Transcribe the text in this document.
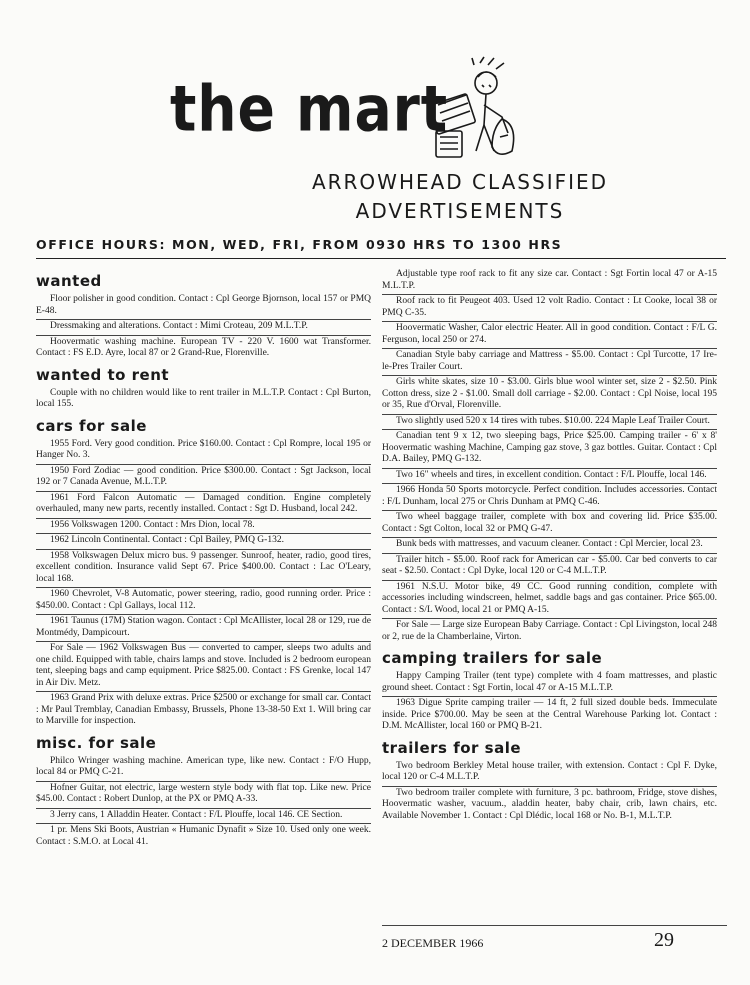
the mart
ARROWHEAD CLASSIFIED
ADVERTISEMENTS
OFFICE HOURS: MON, WED, FRI, FROM 0930 HRS TO 1300 HRS
wanted
Floor polisher in good condition. Contact : Cpl George Bjornson, local 157 or PMQ E-48.
Dressmaking and alterations. Contact : Mimi Croteau, 209 M.L.T.P.
Hoovermatic washing machine. European TV - 220 V. 1600 wat Transformer. Contact : FS E.D. Ayre, local 87 or 2 Grand-Rue, Florenville.
wanted to rent
Couple with no children would like to rent trailer in M.L.T.P. Contact : Cpl Burton, local 155.
cars for sale
1955 Ford. Very good condition. Price $160.00. Contact : Cpl Rompre, local 195 or Hanger No. 3.
1950 Ford Zodiac — good condition. Price $300.00. Contact : Sgt Jackson, local 192 or 7 Canada Avenue, M.L.T.P.
1961 Ford Falcon Automatic — Damaged condition. Engine completely overhauled, many new parts, recently installed. Contact : Sgt D. Husband, local 242.
1956 Volkswagen 1200. Contact : Mrs Dion, local 78.
1962 Lincoln Continental. Contact : Cpl Bailey, PMQ G-132.
1958 Volkswagen Delux micro bus. 9 passenger. Sunroof, heater, radio, good tires, excellent condition. Insurance valid Sept 67. Price $400.00. Contact : Lac O'Leary, local 168.
1960 Chevrolet, V-8 Automatic, power steering, radio, good running order. Price : $450.00. Contact : Cpl Gallays, local 112.
1961 Taunus (17M) Station wagon. Contact : Cpl McAllister, local 28 or 129, rue de Montmédy, Dampicourt.
For Sale — 1962 Volkswagen Bus — converted to camper, sleeps two adults and one child. Equipped with table, chairs lamps and stove. Included is 2 bedroom european tent, sleeping bags and camp equipment. Price $825.00. Contact : FS Grenke, local 147 in Air Div. Metz.
1963 Grand Prix with deluxe extras. Price $2500 or exchange for small car. Contact : Mr Paul Tremblay, Canadian Embassy, Brussels, Phone 13-38-50 Ext 1. Will bring car to Marville for inspection.
misc. for sale
Philco Wringer washing machine. American type, like new. Contact : F/O Hupp, local 84 or PMQ C-21.
Hofner Guitar, not electric, large western style body with flat top. Like new. Price $45.00. Contact : Robert Dunlop, at the PX or PMQ A-33.
3 Jerry cans, 1 Alladdin Heater. Contact : F/L Plouffe, local 146. CE Section.
1 pr. Mens Ski Boots, Austrian « Humanic Dynafit » Size 10. Used only one week. Contact : S.M.O. at Local 41.
Adjustable type roof rack to fit any size car. Contact : Sgt Fortin local 47 or A-15 M.L.T.P.
Roof rack to fit Peugeot 403. Used 12 volt Radio. Contact : Lt Cooke, local 38 or PMQ C-35.
Hoovermatic Washer, Calor electric Heater. All in good condition. Contact : F/L G. Ferguson, local 250 or 274.
Canadian Style baby carriage and Mattress - $5.00. Contact : Cpl Turcotte, 17 Ire-le-Pres Trailer Court.
Girls white skates, size 10 - $3.00. Girls blue wool winter set, size 2 - $2.50. Pink Cotton dress, size 2 - $1.00. Small doll carriage - $2.00. Contact : Cpl Noise, local 195 or 35, Rue d'Orval, Florenville.
Two slightly used 520 x 14 tires with tubes. $10.00. 224 Maple Leaf Trailer Court.
Canadian tent 9 x 12, two sleeping bags, Price $25.00. Camping trailer - 6' x 8' Hoovermatic washing Machine, Camping gaz stove, 3 gaz bottles. Guitar. Contact : Cpl D.A. Bailey, PMQ G-132.
Two 16" wheels and tires, in excellent condition. Contact : F/L Plouffe, local 146.
1966 Honda 50 Sports motorcycle. Perfect condition. Includes accessories. Contact : F/L Dunham, local 275 or Chris Dunham at PMQ C-46.
Two wheel baggage trailer, complete with box and covering lid. Price $35.00. Contact : Sgt Colton, local 32 or PMQ G-47.
Bunk beds with mattresses, and vacuum cleaner. Contact : Cpl Mercier, local 23.
Trailer hitch - $5.00. Roof rack for American car - $5.00. Car bed converts to car seat - $2.50. Contact : Cpl Dyke, local 120 or C-4 M.L.T.P.
1961 N.S.U. Motor bike, 49 CC. Good running condition, complete with accessories including windscreen, helmet, saddle bags and gas container. Price $65.00. Contact : S/L Wood, local 21 or PMQ A-15.
For Sale — Large size European Baby Carriage. Contact : Cpl Livingston, local 248 or 2, rue de la Chamberlaine, Virton.
camping trailers for sale
Happy Camping Trailer (tent type) complete with 4 foam mattresses, and plastic ground sheet. Contact : Sgt Fortin, local 47 or A-15 M.L.T.P.
1963 Digue Sprite camping trailer — 14 ft, 2 full sized double beds. Immeculate inside. Price $700.00. May be seen at the Central Warehouse Parking lot. Contact : D.M. McAllister, local 160 or PMQ B-21.
trailers for sale
Two bedroom Berkley Metal house trailer, with extension. Contact : Cpl F. Dyke, local 120 or C-4 M.L.T.P.
Two bedroom trailer complete with furniture, 3 pc. bathroom, Fridge, stove dishes, Hoovermatic washer, vacuum., aladdin heater, baby chair, crib, lawn chairs, etc. Available November 1. Contact : Cpl Dlédic, local 168 or No. B-1, M.L.T.P.
2 DECEMBER 1966	29
